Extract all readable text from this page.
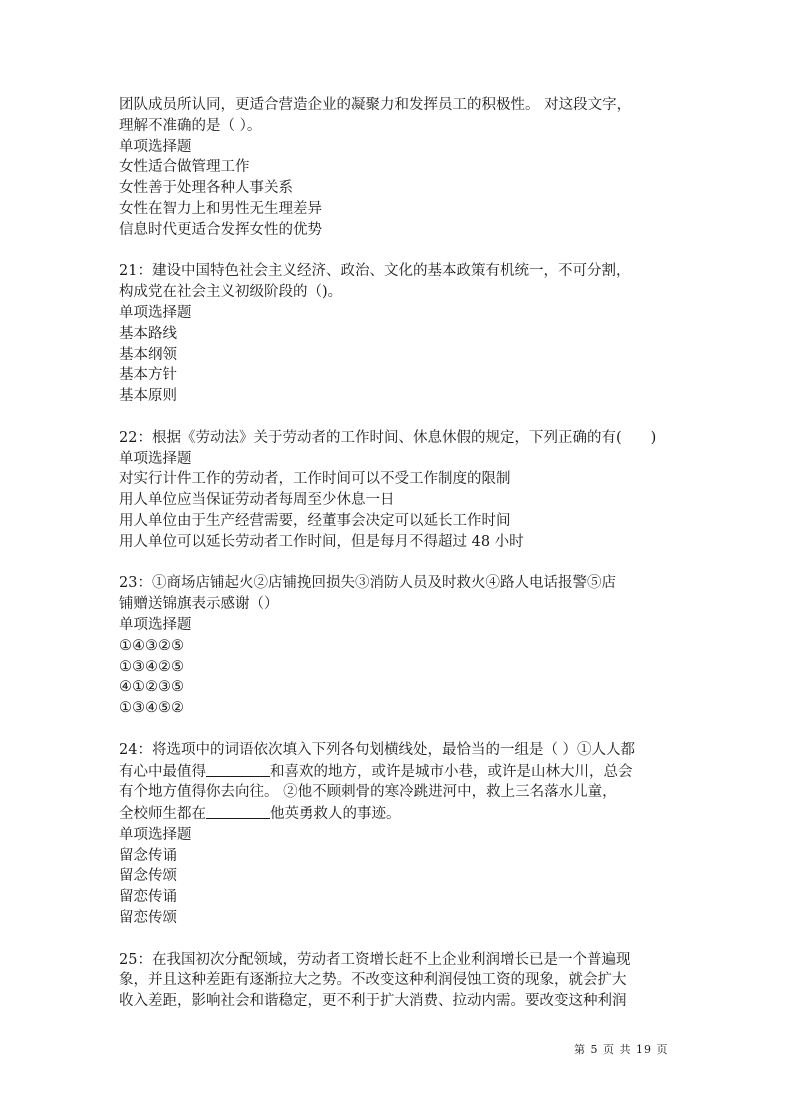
团队成员所认同，更适合营造企业的凝聚力和发挥员工的积极性。 对这段文字，
理解不准确的是（ ）。
单项选择题
女性适合做管理工作
女性善于处理各种人事关系
女性在智力上和男性无生理差异
信息时代更适合发挥女性的优势
21：建设中国特色社会主义经济、政治、文化的基本政策有机统一，不可分割，
构成党在社会主义初级阶段的（)。
单项选择题
基本路线
基本纲领
基本方针
基本原则
22：根据《劳动法》关于劳动者的工作时间、休息休假的规定，下列正确的有(　　)
单项选择题
对实行计件工作的劳动者，工作时间可以不受工作制度的限制
用人单位应当保证劳动者每周至少休息一日
用人单位由于生产经营需要，经董事会决定可以延长工作时间
用人单位可以延长劳动者工作时间，但是每月不得超过 48 小时
23：①商场店铺起火②店铺挽回损失③消防人员及时救火④路人电话报警⑤店
铺赠送锦旗表示感谢（）
单项选择题
①④③②⑤
①③④②⑤
④①②③⑤
①③④⑤②
24：将选项中的词语依次填入下列各句划横线处，最恰当的一组是（ ）①人人都
有心中最值得	和喜欢的地方，或许是城市小巷，或许是山林大川，总会
有个地方值得你去向往。 ②他不顾刺骨的寒冷跳进河中，救上三名落水儿童，
全校师生都在	他英勇救人的事迹。
单项选择题
留念传诵
留念传颂
留恋传诵
留恋传颂
25：在我国初次分配领域，劳动者工资增长赶不上企业利润增长已是一个普遍现
象，并且这种差距有逐渐拉大之势。不改变这种利润侵蚀工资的现象，就会扩大
收入差距，影响社会和谐稳定，更不利于扩大消费、拉动内需。要改变这种利润
第 5 页 共 19 页
